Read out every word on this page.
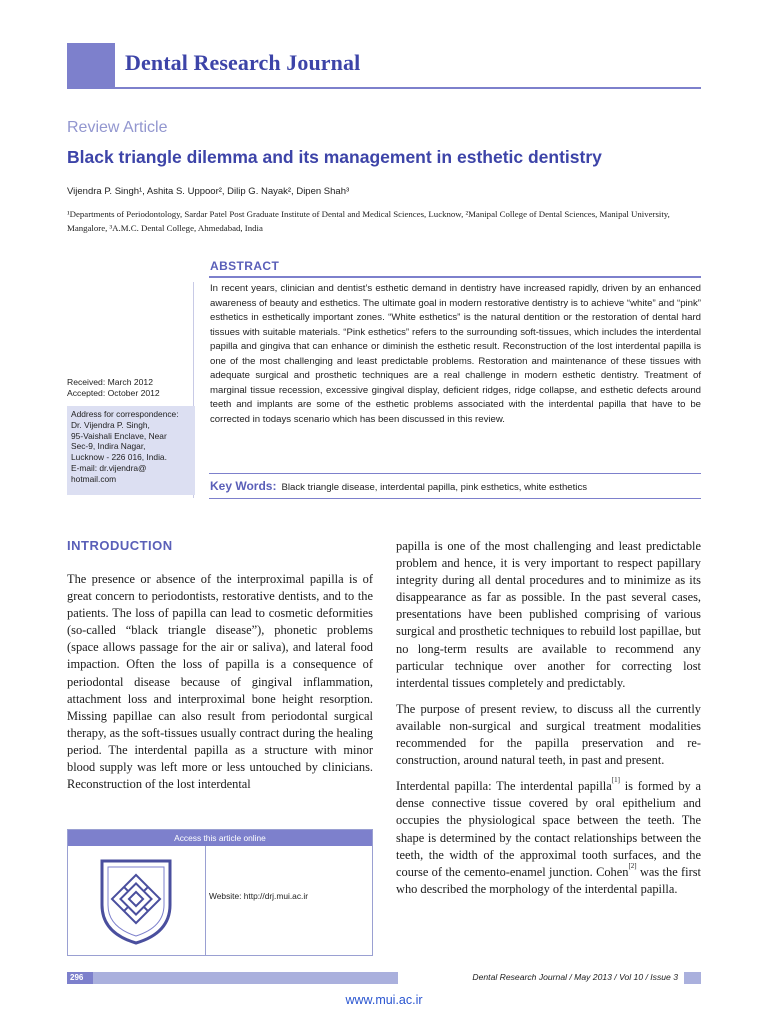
Dental Research Journal
Review Article
Black triangle dilemma and its management in esthetic dentistry
Vijendra P. Singh¹, Ashita S. Uppoor², Dilip G. Nayak², Dipen Shah³
¹Departments of Periodontology, Sardar Patel Post Graduate Institute of Dental and Medical Sciences, Lucknow, ²Manipal College of Dental Sciences, Manipal University, Mangalore, ³A.M.C. Dental College, Ahmedabad, India
ABSTRACT
In recent years, clinician and dentist’s esthetic demand in dentistry have increased rapidly, driven by an enhanced awareness of beauty and esthetics. The ultimate goal in modern restorative dentistry is to achieve “white” and “pink” esthetics in esthetically important zones. “White esthetics” is the natural dentition or the restoration of dental hard tissues with suitable materials. “Pink esthetics” refers to the surrounding soft-tissues, which includes the interdental papilla and gingiva that can enhance or diminish the esthetic result. Reconstruction of the lost interdental papilla is one of the most challenging and least predictable problems. Restoration and maintenance of these tissues with adequate surgical and prosthetic techniques are a real challenge in modern esthetic dentistry. Treatment of marginal tissue recession, excessive gingival display, deficient ridges, ridge collapse, and esthetic defects around teeth and implants are some of the esthetic problems associated with the interdental papilla that have to be corrected in todays scenario which has been discussed in this review.
Key Words: Black triangle disease, interdental papilla, pink esthetics, white esthetics
Received: March 2012
Accepted: October 2012
Address for correspondence:
Dr. Vijendra P. Singh,
95-Vaishali Enclave, Near
Sec-9, Indira Nagar,
Lucknow - 226 016, India.
E-mail: dr.vijendra@
hotmail.com
INTRODUCTION

The presence or absence of the interproximal papilla is of great concern to periodontists, restorative dentists, and to the patients. The loss of papilla can lead to cosmetic deformities (so-called “black triangle disease”), phonetic problems (space allows passage for the air or saliva), and lateral food impaction. Often the loss of papilla is a consequence of periodontal disease because of gingival inflammation, attachment loss and interproximal bone height resorption. Missing papillae can also result from periodontal surgical therapy, as the soft-tissues usually contract during the healing period. The interdental papilla as a structure with minor blood supply was left more or less untouched by clinicians. Reconstruction of the lost interdental

papilla is one of the most challenging and least predictable problem and hence, it is very important to respect papillary integrity during all dental procedures and to minimize as its disappearance as far as possible. In the past several cases, presentations have been published comprising of various surgical and prosthetic techniques to rebuild lost papillae, but no long-term results are available to recommend any particular technique over another for correcting lost interdental tissues completely and predictably.

The purpose of present review, to discuss all the currently available non-surgical and surgical treatment modalities recommended for the papilla preservation and re-construction, around natural teeth, in past and present.

Interdental papilla: The interdental papilla[1] is formed by a dense connective tissue covered by oral epithelium and occupies the physiological space between the teeth. The shape is determined by the contact relationships between the teeth, the width of the approximal tooth surfaces, and the course of the cemento-enamel junction. Cohen[2] was the first who described the morphology of the interdental papilla.

Access this article online
Website: http://drj.mui.ac.ir
296	Dental Research Journal / May 2013 / Vol 10 / Issue 3
www.mui.ac.ir
